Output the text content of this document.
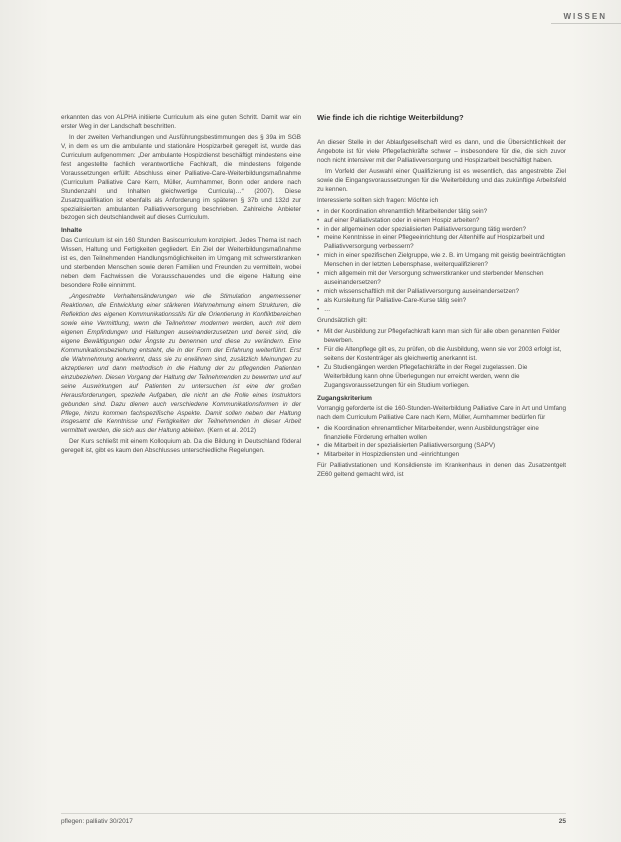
WISSEN

erkannten das von ALPHA initiierte Curriculum als eine guten Schritt. Damit war ein erster Weg in der Landschaft beschritten.

In der zweiten Verhandlungen und Ausführungsbestimmungen des § 39a im SGB V, in dem es um die ambulante und stationäre Hospizarbeit geregelt ist, wurde das Curriculum aufgenommen: „Der ambulante Hospizdienst beschäftigt mindestens eine fest angestellte fachlich verantwortliche Fachkraft, die mindestens folgende Voraussetzungen erfüllt: Abschluss einer Palliative-Care-Weiterbildungsmaßnahme (Curriculum Palliative Care Kern, Müller, Aurnhammer, Bonn oder andere nach Stundenzahl und Inhalten gleichwertige Curricula)…“ (2007). Diese Zusatzqualifikation ist ebenfalls als Anforderung im späteren § 37b und 132d zur spezialisierten ambulanten Palliativversorgung beschrieben. Zahlreiche Anbieter bezogen sich deutschlandweit auf dieses Curriculum.

Inhalte

Das Curriculum ist ein 160 Stunden Basiscurriculum konzipiert. Jedes Thema ist nach Wissen, Haltung und Fertigkeiten gegliedert. Ein Ziel der Weiterbildungsmaßnahme ist es, den Teilnehmenden Handlungsmöglichkeiten im Umgang mit schwerstkranken und sterbenden Menschen sowie deren Familien und Freunden zu vermitteln, wobei neben dem Fachwissen die Vorausschauendes und die eigene Haltung eine besondere Rolle einnimmt.

„Angestrebte Verhaltensänderungen wie die Stimulation angemessener Reaktionen, die Entwicklung einer stärkeren Wahrnehmung einem Strukturen, die Reflektion des eigenen Kommunikationsstils für die Orientierung in Konfliktbereichen sowie eine Vermittlung, wenn die Teilnehmer modernen werden, auch mit dem eigenen Empfindungen und Haltungen auseinanderzusetzen und bereit sind, die eigene Bewältigungen oder Ängste zu benennen und diese zu verändern. Eine Kommunikationsbeziehung entsteht, die in der Form der Erfahrung weiterführt. Erst die Wahrnehmung anerkennt, dass sie zu erwähnen sind, zusätzlich Meinungen zu akzeptieren und dann methodisch in die Haltung der zu pflegenden Patienten einzubeziehen. Diesen Vorgang der Haltung der Teilnehmenden zu bewerten und auf seine Auswirkungen auf Patienten zu untersuchen ist eine der großen Herausforderungen, spezielle Aufgaben, die nicht an die Rolle eines Instruktors gebunden sind. Dazu dienen auch verschiedene Kommunikationsformen in der Pflege, hinzu kommen fachspezifische Aspekte. Damit sollen neben der Haltung insgesamt die Kenntnisse und Fertigkeiten der Teilnehmenden in dieser Arbeit vermittelt werden, die sich aus der Haltung ableiten. (Kern et al. 2012)

Der Kurs schließt mit einem Kolloquium ab. Da die Bildung in Deutschland föderal geregelt ist, gibt es kaum den Abschlusses unterschiedliche Regelungen.

Wie finde ich die richtige Weiterbildung?

An dieser Stelle in der Ablaufgesellschaft wird es dann, und die Übersichtlichkeit der Angebote ist für viele Pflegefachkräfte schwer – insbesondere für die, die sich zuvor noch nicht intensiver mit der Palliativversorgung und Hospizarbeit beschäftigt haben.

Im Vorfeld der Auswahl einer Qualifizierung ist es wesentlich, das angestrebte Ziel sowie die Eingangsvoraussetzungen für die Weiterbildung und das zukünftige Arbeitsfeld zu kennen.

Interessierte sollten sich fragen: Möchte ich

• in der Koordination ehrenamtlich Mitarbeitender tätig sein?
• auf einer Palliativstation oder in einem Hospiz arbeiten?
• in der allgemeinen oder spezialisierten Palliativversorgung tätig werden?
• meine Kenntnisse in einer Pflegeeinrichtung der Altenhilfe auf Hospizarbeit und Palliativversorgung verbessern?
• mich in einer spezifischen Zielgruppe, wie z. B. im Umgang mit geistig beeinträchtigten Menschen in der letzten Lebensphase, weiterqualifizieren?
• mich allgemein mit der Versorgung schwerstkranker und sterbender Menschen auseinandersetzen?
• mich wissenschaftlich mit der Palliativversorgung auseinandersetzen?
• als Kursleitung für Palliative-Care-Kurse tätig sein?
• …

Grundsätzlich gilt:

• Mit der Ausbildung zur Pflegefachkraft kann man sich für alle oben genannten Felder bewerben.
• Für die Altenpflege gilt es, zu prüfen, ob die Ausbildung, wenn sie vor 2003 erfolgt ist, seitens der Kostenträger als gleichwertig anerkannt ist.
• Zu Studiengängen werden Pflegefachkräfte in der Regel zugelassen. Die Weiterbildung kann ohne Überlegungen nur erreicht werden, wenn die Zugangsvoraussetzungen für ein Studium vorliegen.
Zugangskriterium

Vorrangig geforderte ist die 160-Stunden-Weiterbildung Palliative Care in Art und Umfang nach dem Curriculum Palliative Care nach Kern, Müller, Aurnhammer bedürfen für

• die Koordination ehrenamtlicher Mitarbeitender, wenn Ausbildungsträger eine finanzielle Förderung erhalten wollen
• die Mitarbeit in der spezialisierten Palliativversorgung (SAPV)
• Mitarbeiter in Hospizdiensten und -einrichtungen

Für Palliativstationen und Konsildienste im Krankenhaus in denen das Zusatzentgelt ZE60 geltend gemacht wird, ist

pflegen: palliativ 30/2017	25
